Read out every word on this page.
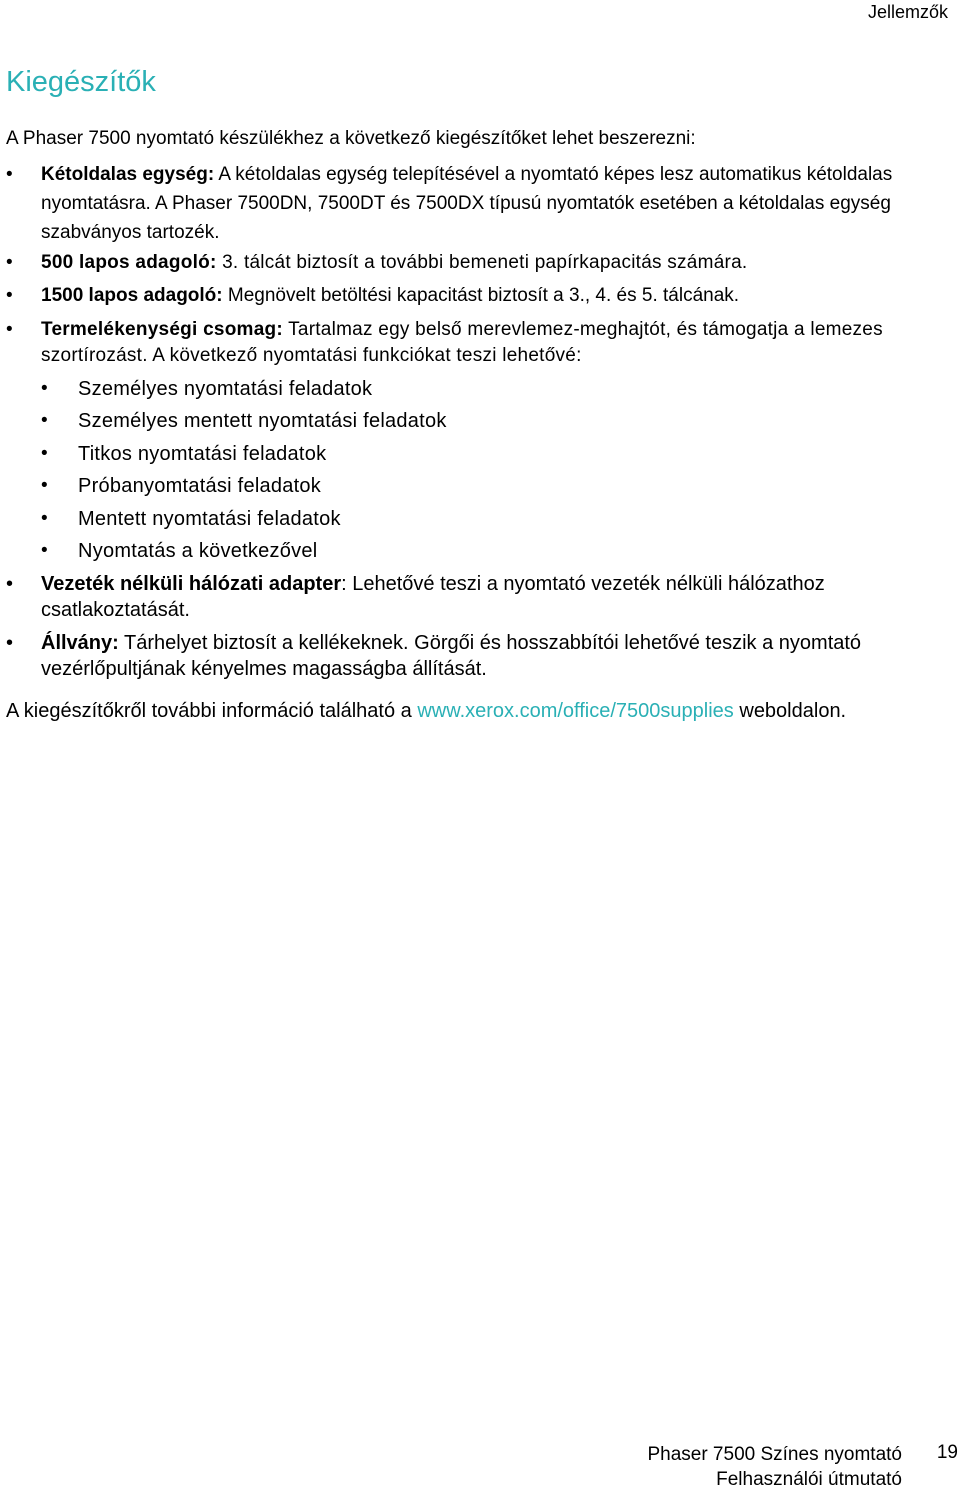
Jellemzők
Kiegészítők

A Phaser 7500 nyomtató készülékhez a következő kiegészítőket lehet beszerezni:

• Kétoldalas egység: A kétoldalas egység telepítésével a nyomtató képes lesz automatikus kétoldalas nyomtatásra. A Phaser 7500DN, 7500DT és 7500DX típusú nyomtatók esetében a kétoldalas egység szabványos tartozék.
• 500 lapos adagoló: 3. tálcát biztosít a további bemeneti papírkapacitás számára.
• 1500 lapos adagoló: Megnövelt betöltési kapacitást biztosít a 3., 4. és 5. tálcának.
• Termelékenységi csomag: Tartalmaz egy belső merevlemez-meghajtót, és támogatja a lemezes szortírozást. A következő nyomtatási funkciókat teszi lehetővé:
• Személyes nyomtatási feladatok
• Személyes mentett nyomtatási feladatok
• Titkos nyomtatási feladatok
• Próbanyomtatási feladatok
• Mentett nyomtatási feladatok
• Nyomtatás a következővel
• Vezeték nélküli hálózati adapter: Lehetővé teszi a nyomtató vezeték nélküli hálózathoz csatlakoztatását.
• Állvány: Tárhelyet biztosít a kellékeknek. Görgői és hosszabbítói lehetővé teszik a nyomtató vezérlőpultjának kényelmes magasságba állítását.

A kiegészítőkről további információ található a www.xerox.com/office/7500supplies weboldalon.

Phaser 7500 Színes nyomtató
Felhasználói útmutató
19
